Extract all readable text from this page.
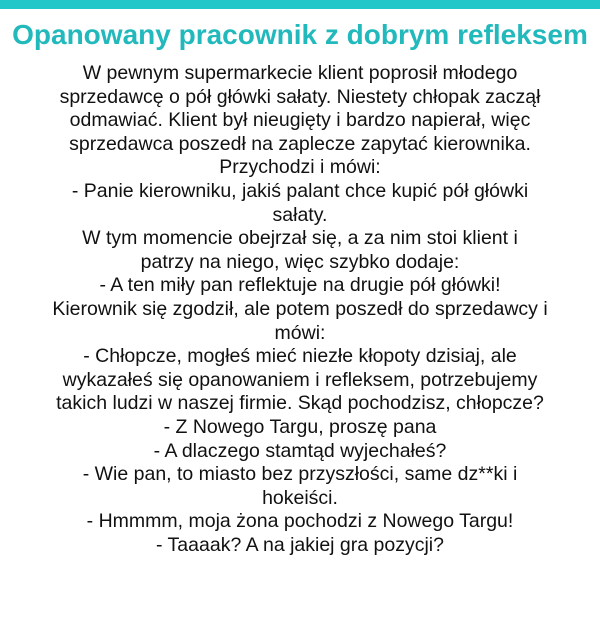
Opanowany pracownik z dobrym refleksem
W pewnym supermarkecie klient poprosił młodego
sprzedawcę o pół główki sałaty. Niestety chłopak zaczął
odmawiać. Klient był nieugięty i bardzo napierał, więc
sprzedawca poszedł na zaplecze zapytać kierownika.
Przychodzi i mówi:
- Panie kierowniku, jakiś palant chce kupić pół główki
sałaty.
W tym momencie obejrzał się, a za nim stoi klient i
patrzy na niego, więc szybko dodaje:
- A ten miły pan reflektuje na drugie pół główki!
Kierownik się zgodził, ale potem poszedł do sprzedawcy i
mówi:
- Chłopcze, mogłeś mieć niezłe kłopoty dzisiaj, ale
wykazałeś się opanowaniem i refleksem, potrzebujemy
takich ludzi w naszej firmie. Skąd pochodzisz, chłopcze?
- Z Nowego Targu, proszę pana
- A dlaczego stamtąd wyjechałeś?
- Wie pan, to miasto bez przyszłości, same dz**ki i
hokeiści.
- Hmmmm, moja żona pochodzi z Nowego Targu!
- Taaaak? A na jakiej gra pozycji?
